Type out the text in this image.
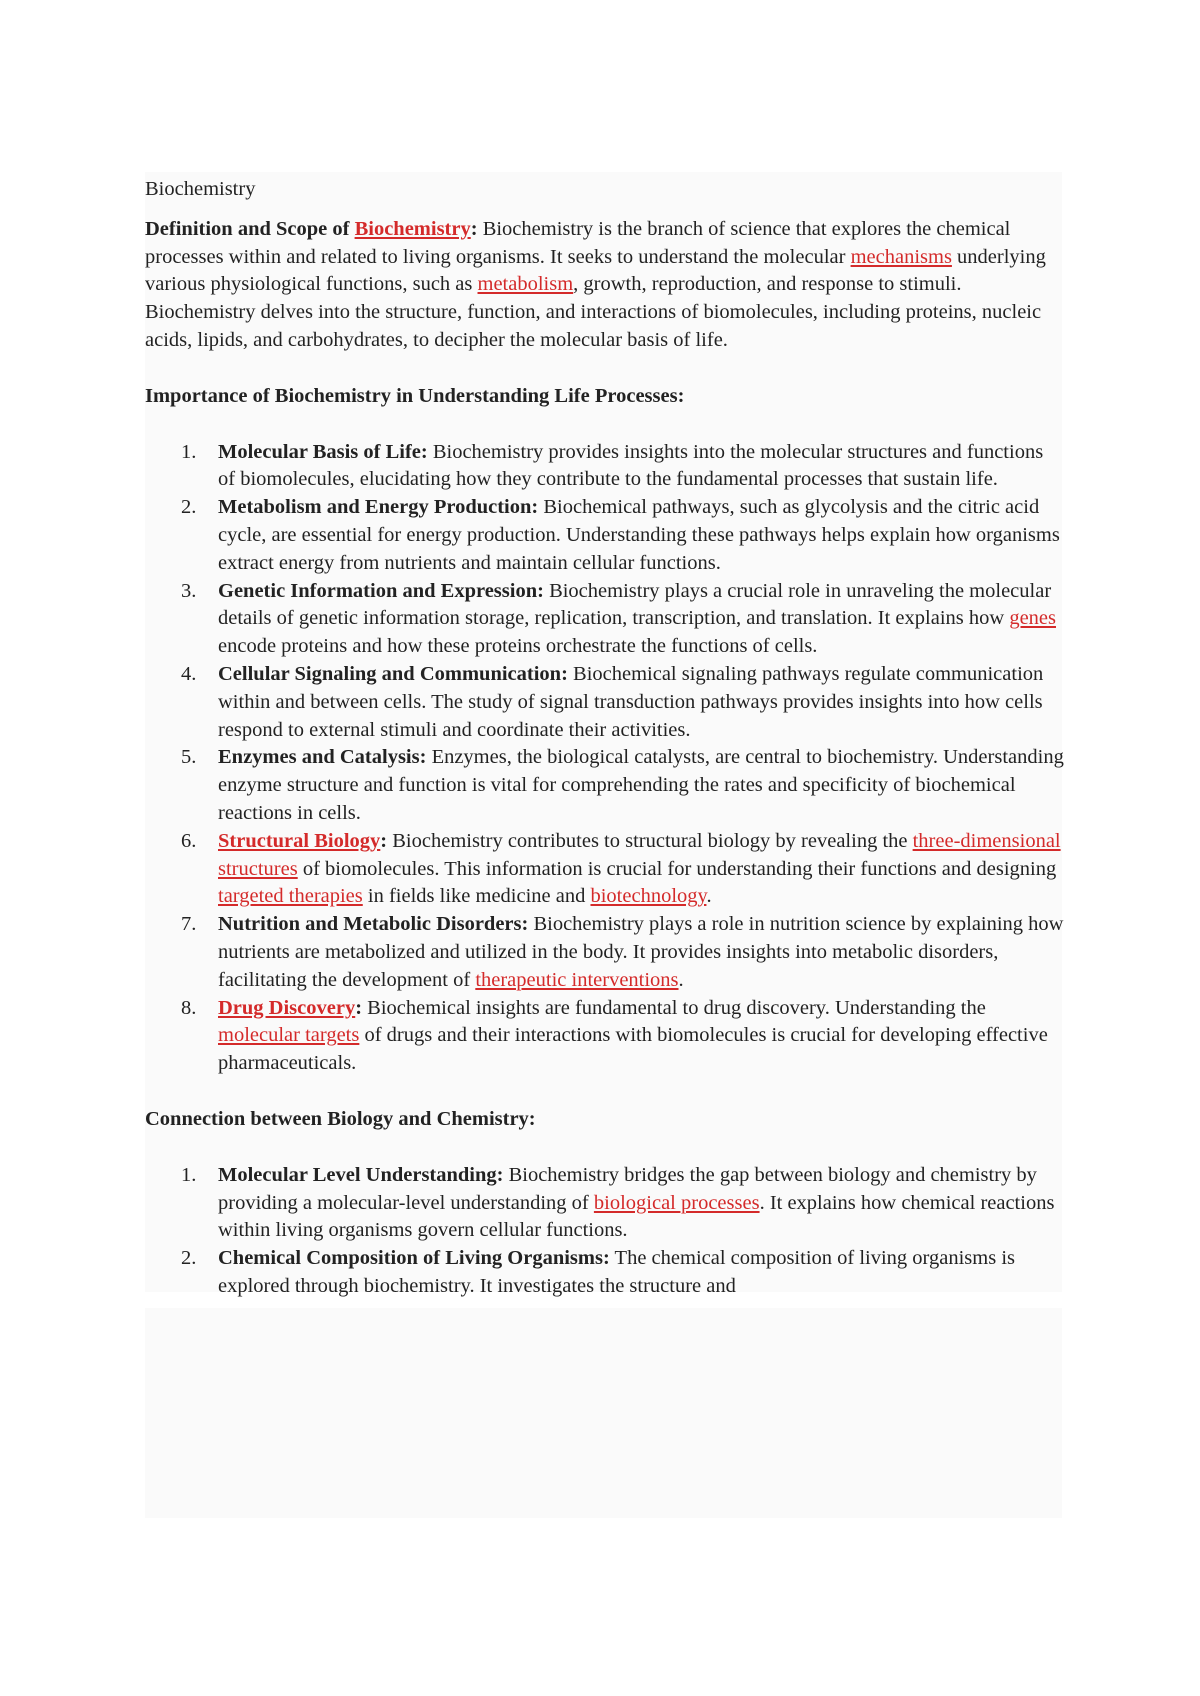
Biochemistry

Definition and Scope of Biochemistry: Biochemistry is the branch of science that explores the chemical processes within and related to living organisms. It seeks to understand the molecular mechanisms underlying various physiological functions, such as metabolism, growth, reproduction, and response to stimuli. Biochemistry delves into the structure, function, and interactions of biomolecules, including proteins, nucleic acids, lipids, and carbohydrates, to decipher the molecular basis of life.

Importance of Biochemistry in Understanding Life Processes:

1. Molecular Basis of Life: Biochemistry provides insights into the molecular structures and functions of biomolecules, elucidating how they contribute to the fundamental processes that sustain life.
2. Metabolism and Energy Production: Biochemical pathways, such as glycolysis and the citric acid cycle, are essential for energy production. Understanding these pathways helps explain how organisms extract energy from nutrients and maintain cellular functions.
3. Genetic Information and Expression: Biochemistry plays a crucial role in unraveling the molecular details of genetic information storage, replication, transcription, and translation. It explains how genes encode proteins and how these proteins orchestrate the functions of cells.
4. Cellular Signaling and Communication: Biochemical signaling pathways regulate communication within and between cells. The study of signal transduction pathways provides insights into how cells respond to external stimuli and coordinate their activities.
5. Enzymes and Catalysis: Enzymes, the biological catalysts, are central to biochemistry. Understanding enzyme structure and function is vital for comprehending the rates and specificity of biochemical reactions in cells.
6. Structural Biology: Biochemistry contributes to structural biology by revealing the three-dimensional structures of biomolecules. This information is crucial for understanding their functions and designing targeted therapies in fields like medicine and biotechnology.
7. Nutrition and Metabolic Disorders: Biochemistry plays a role in nutrition science by explaining how nutrients are metabolized and utilized in the body. It provides insights into metabolic disorders, facilitating the development of therapeutic interventions.
8. Drug Discovery: Biochemical insights are fundamental to drug discovery. Understanding the molecular targets of drugs and their interactions with biomolecules is crucial for developing effective pharmaceuticals.

Connection between Biology and Chemistry:

1. Molecular Level Understanding: Biochemistry bridges the gap between biology and chemistry by providing a molecular-level understanding of biological processes. It explains how chemical reactions within living organisms govern cellular functions.
2. Chemical Composition of Living Organisms: The chemical composition of living organisms is explored through biochemistry. It investigates the structure and
